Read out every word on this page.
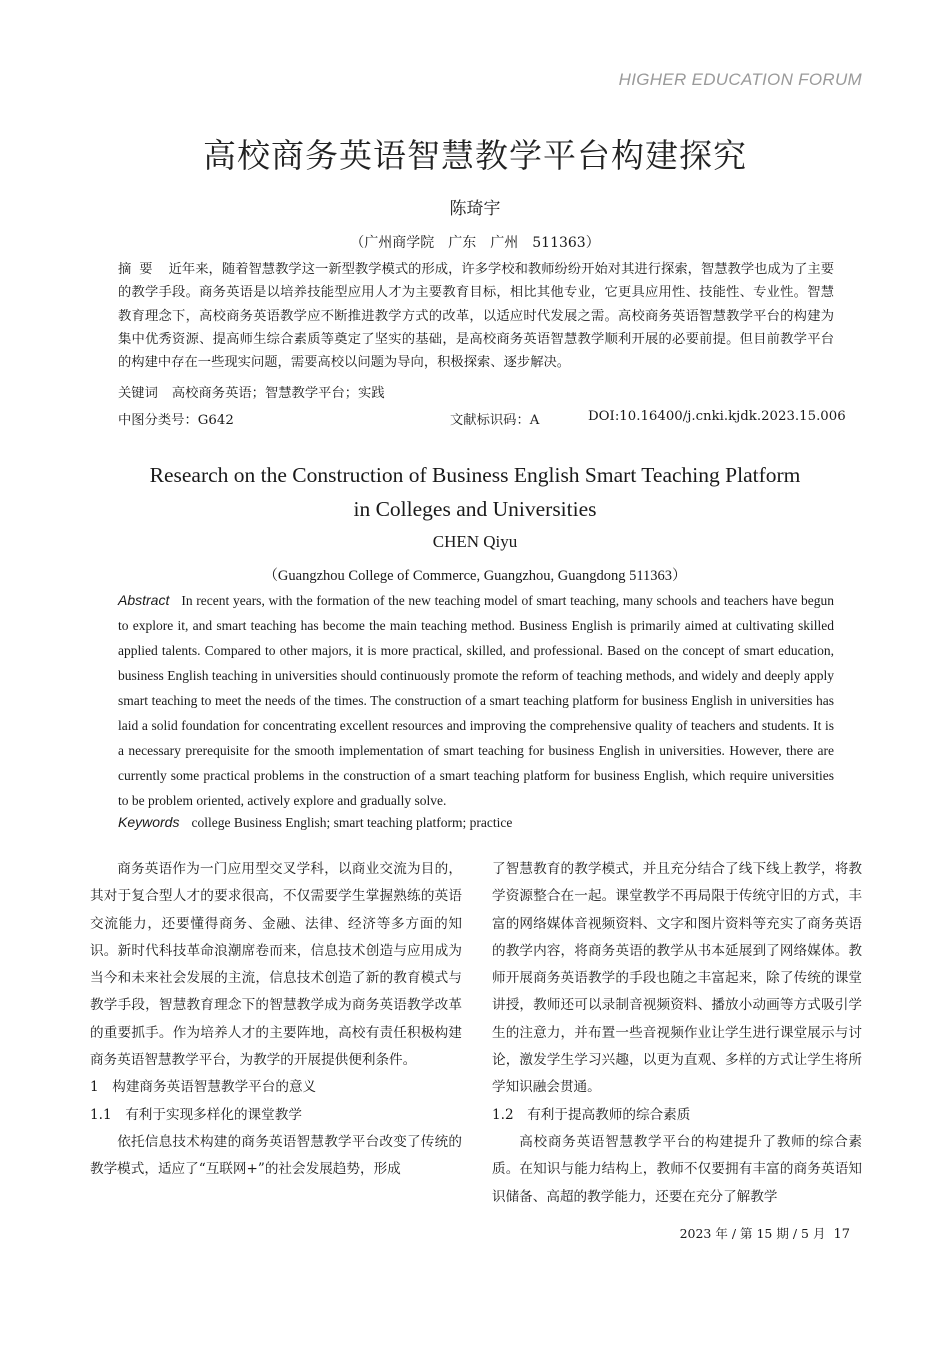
HIGHER EDUCATION FORUM
高校商务英语智慧教学平台构建探究
陈琦宇
（广州商学院　广东　广州　511363）
摘要 近年来，随着智慧教学这一新型教学模式的形成，许多学校和教师纷纷开始对其进行探索，智慧教学也成为了主要的教学手段。商务英语是以培养技能型应用人才为主要教育目标，相比其他专业，它更具应用性、技能性、专业性。智慧教育理念下，高校商务英语教学应不断推进教学方式的改革，以适应时代发展之需。高校商务英语智慧教学平台的构建为集中优秀资源、提高师生综合素质等奠定了坚实的基础，是高校商务英语智慧教学顺利开展的必要前提。但目前教学平台的构建中存在一些现实问题，需要高校以问题为导向，积极探索、逐步解决。
关键词 高校商务英语；智慧教学平台；实践
中图分类号：G642	文献标识码：A	DOI:10.16400/j.cnki.kjdk.2023.15.006
Research on the Construction of Business English Smart Teaching Platform
in Colleges and Universities
CHEN Qiyu
（Guangzhou College of Commerce, Guangzhou, Guangdong 511363）
Abstract In recent years, with the formation of the new teaching model of smart teaching, many schools and teachers have begun to explore it, and smart teaching has become the main teaching method. Business English is primarily aimed at cultivating skilled applied talents. Compared to other majors, it is more practical, skilled, and professional. Based on the concept of smart education, business English teaching in universities should continuously promote the reform of teaching methods, and widely and deeply apply smart teaching to meet the needs of the times. The construction of a smart teaching platform for business English in universities has laid a solid foundation for concentrating excellent resources and improving the comprehensive quality of teachers and students. It is a necessary prerequisite for the smooth implementation of smart teaching for business English in universities. However, there are currently some practical problems in the construction of a smart teaching platform for business English, which require universities to be problem oriented, actively explore and gradually solve.
Keywords college Business English; smart teaching platform; practice

商务英语作为一门应用型交叉学科，以商业交流为目的，其对于复合型人才的要求很高，不仅需要学生掌握熟练的英语交流能力，还要懂得商务、金融、法律、经济等多方面的知识。新时代科技革命浪潮席卷而来，信息技术创造与应用成为当今和未来社会发展的主流，信息技术创造了新的教育模式与教学手段，智慧教育理念下的智慧教学成为商务英语教学改革的重要抓手。作为培养人才的主要阵地，高校有责任积极构建商务英语智慧教学平台，为教学的开展提供便利条件。

1　构建商务英语智慧教学平台的意义

1.1　有利于实现多样化的课堂教学

依托信息技术构建的商务英语智慧教学平台改变了传统的教学模式，适应了“互联网+”的社会发展趋势，形成

了智慧教育的教学模式，并且充分结合了线下线上教学，将教学资源整合在一起。课堂教学不再局限于传统守旧的方式，丰富的网络媒体音视频资料、文字和图片资料等充实了商务英语的教学内容，将商务英语的教学从书本延展到了网络媒体。教师开展商务英语教学的手段也随之丰富起来，除了传统的课堂讲授，教师还可以录制音视频资料、播放小动画等方式吸引学生的注意力，并布置一些音视频作业让学生进行课堂展示与讨论，激发学生学习兴趣，以更为直观、多样的方式让学生将所学知识融会贯通。

1.2　有利于提高教师的综合素质

高校商务英语智慧教学平台的构建提升了教师的综合素质。在知识与能力结构上，教师不仅要拥有丰富的商务英语知识储备、高超的教学能力，还要在充分了解教学

2023 年 / 第 15 期 / 5 月 17
